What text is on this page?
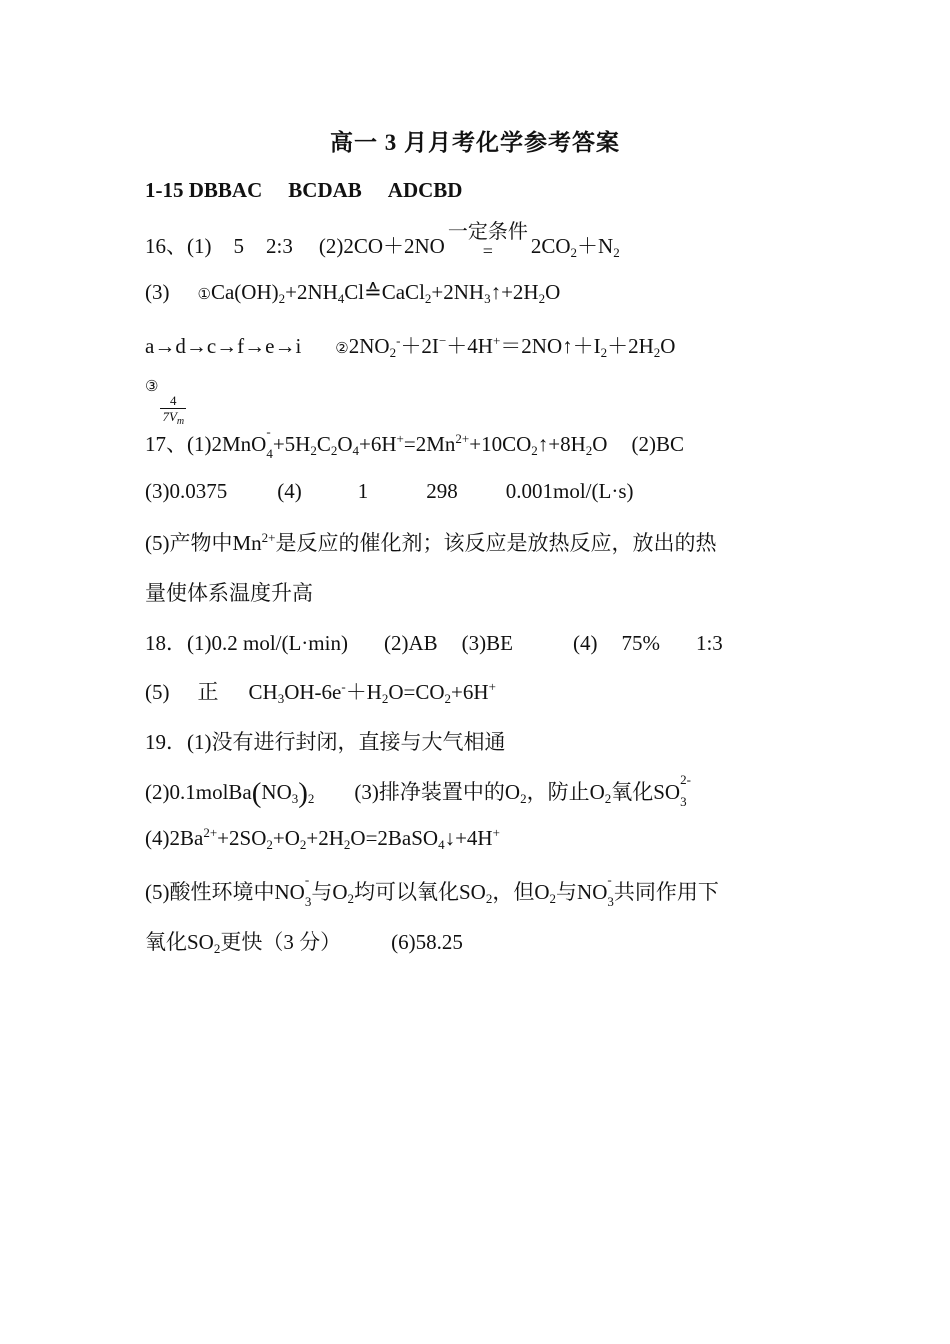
高一 3 月月考化学参考答案
1-15 DBBAC BCDAB ADCBD
16、(1) 5 2:3 (2)2CO＋2NO
一定条件
= $2CO_2+N_2$
(3) $①Ca(OH)_2+2NH_4Cl≙CaCl_2+2NH_3↑+2H_2O$
a→d→c→f→e→i $②2NO_2^-+2I^-+4H^+=2NO↑+I_2+2H_2O$
③
$\frac{4}{7V_m}$
17、(1)2MnO
-
$_4+5H_2C_2O_4+6H^+=2Mn^{2+}+10CO_2↑+8H_2O$ (2)BC
(3)0.0375 (4)	1	298 0.001mol/(L·s)
(5)产物中$Mn^{2+}$是反应的催化剂；该反应是放热反应，放出的热
量使体系温度升高
18．(1)0.2 mol/(L·min) (2)AB (3)BE	(4) 75% 1:3
(5) 正 $CH_3OH-6e^-+H_2O=CO_2+6H^+$
19．(1)没有进行封闭，直接与大气相通
$(2)0.1molBa(NO_3)_2$ (3)排净装置中的$O_2$，防止$O_2$氧化SO
2-
$_3$
$(4)2Ba^{2+}+2SO_2+O_2+2H_2O=2BaSO_4↓+4H^+$
(5)酸性环境中NO
-
$_3$与$O_2$均可以氧化$SO_2$，但$O_2$与NO
-
$_3$共同作用下
氧化$SO_2$更快（3 分） (6)58.25
